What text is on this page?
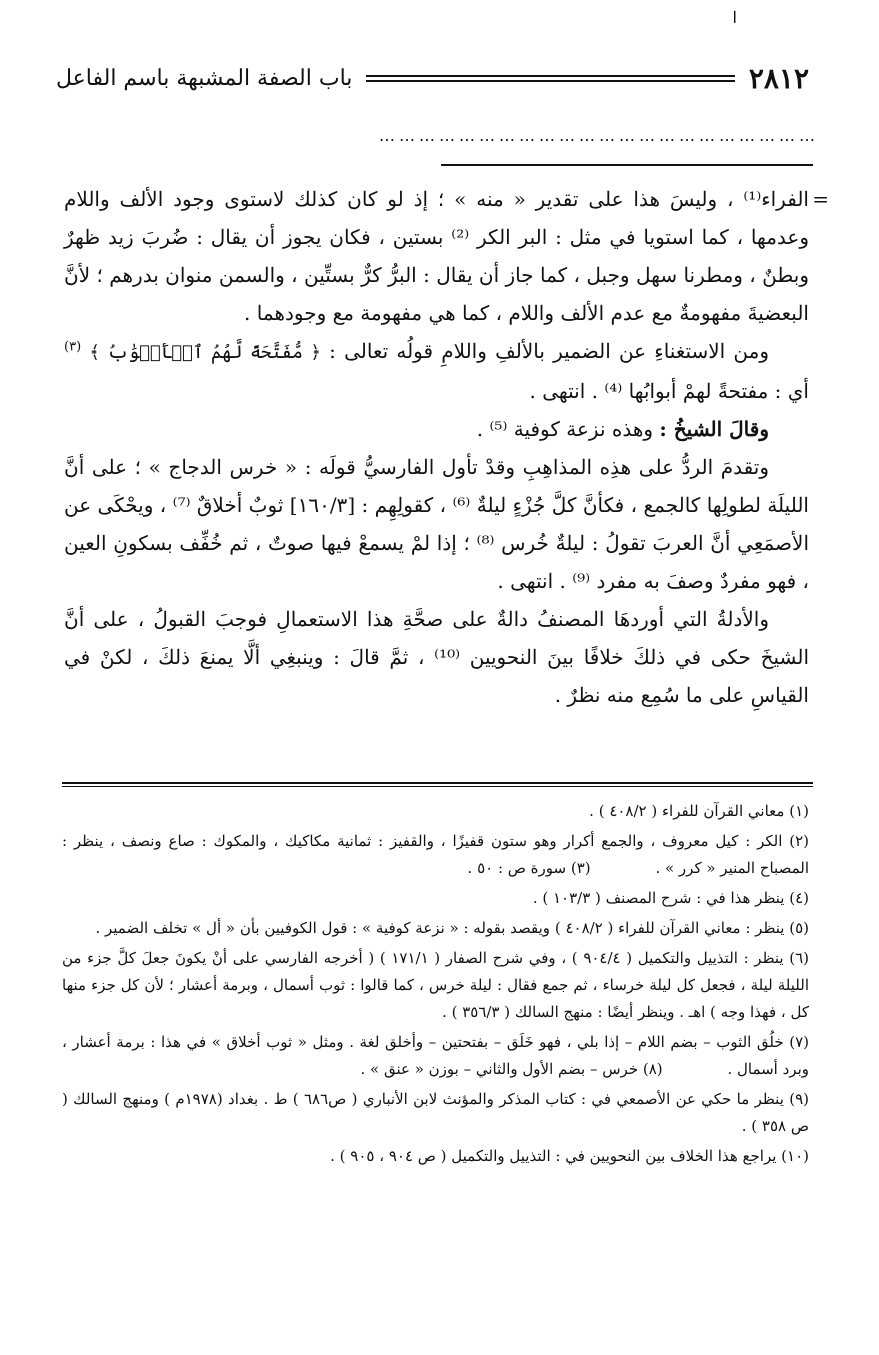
ا
٢٨١٢
باب الصفة المشبهة باسم الفاعل
…………………………………………………………

=
الفراء⁽¹⁾ ، وليسَ هذا على تقدير « منه » ؛ إذ لو كان كذلك لاستوى وجود الألف واللام وعدمها ، كما استويا في مثل : البر الكر ⁽²⁾ بستين ، فكان يجوز أن يقال : ضُربَ زيد ظهرٌ وبطنٌ ، ومطرنا سهل وجبل ، كما جاز أن يقال : البرُّ كرٌّ بستِّين ، والسمن منوان بدرهم ؛ لأنَّ البعضيةَ مفهومةٌ مع عدم الألف واللام ، كما هي مفهومة مع وجودهما .

ومن الاستغناءِ عن الضمير بالألفِ واللامِ قولُه تعالى : ﴿ مُّفَتَّحَةً لَّهُمُ ٱلۡأَبۡوَٰبُ ﴾ $^{(٣)}$ أي : مفتحةً لهمْ أبوابُها ⁽⁴⁾ . انتهى .

وقالَ الشيخُ : وهذه نزعة كوفية ⁽⁵⁾ .

وتقدمَ الردُّ على هذِه المذاهِبِ وقدْ تأول الفارسيُّ قولَه : « خرس الدجاج » ؛ على أنَّ الليلَة لطولِها كالجمع ، فكأنَّ كلَّ جُزْءٍ ليلةٌ ⁽⁶⁾ ، كقولِهِم : [١٦٠/٣] ثوبٌ أخلاقٌ ⁽⁷⁾ ، ويحْكَى عن الأصمَعِي أنَّ العربَ تقولُ : ليلةٌ خُرس ⁽⁸⁾ ؛ إذا لمْ يسمعْ فيها صوتٌ ، ثم خُفِّف بسكونِ العين ، فهو مفردٌ وصفَ به مفرد ⁽⁹⁾ . انتهى .

والأدلةُ التي أوردهَا المصنفُ دالةٌ على صحَّةِ هذا الاستعمالِ فوجبَ القبولُ ، على أنَّ الشيخَ حكى في ذلكَ خلافًا بينَ النحويين ⁽¹⁰⁾ ، ثمَّ قالَ : وينبغِي ألَّا يمنعَ ذلكَ ، لكنْ في القياسِ على ما سُمِع منه نظرٌ .

(١) معاني القرآن للفراء ( ٤٠٨/٢ ) .

(٢) الكر : كيل معروف ، والجمع أكرار وهو ستون قفيزًا ، والقفيز : ثمانية مكاكيك ، والمكوك : صاع ونصف ، ينظر : المصباح المنير « كرر » . (٣) سورة ص : ٥٠ .

(٤) ينظر هذا في : شرح المصنف ( ١٠٣/٣ ) .

(٥) ينظر : معاني القرآن للفراء ( ٤٠٨/٢ ) ويقصد بقوله : « نزعة كوفية » : قول الكوفيين بأن « أل » تخلف الضمير .

(٦) ينظر : التذييل والتكميل ( ٩٠٤/٤ ) ، وفي شرح الصفار ( ١٧١/١ ) ( أخرجه الفارسي على أنْ يكونَ جعلَ كلَّ جزء من الليلة ليلة ، فجعل كل ليلة خرساء ، ثم جمع فقال : ليلة خرس ، كما قالوا : ثوب أسمال ، وبرمة أعشار ؛ لأن كل جزء منها كل ، فهذا وجه ) اهـ . وينظر أيضًا : منهج السالك ( ٣٥٦/٣ ) .

(٧) خلُق الثوب – بضم اللام – إذا بلي ، فهو خَلَق – بفتحتين – وأخلق لغة . ومثل « ثوب أخلاق » في هذا : برمة أعشار ، وبرد أسمال . (٨) خرس – بضم الأول والثاني – بوزن « عنق » .

(٩) ينظر ما حكي عن الأصمعي في : كتاب المذكر والمؤنث لابن الأنباري ( ص٦٨٦ ) ط . بغداد (١٩٧٨م ) ومنهج السالك ( ص ٣٥٨ ) .

(١٠) يراجع هذا الخلاف بين النحويين في : التذييل والتكميل ( ص ٩٠٤ ، ٩٠٥ ) .
